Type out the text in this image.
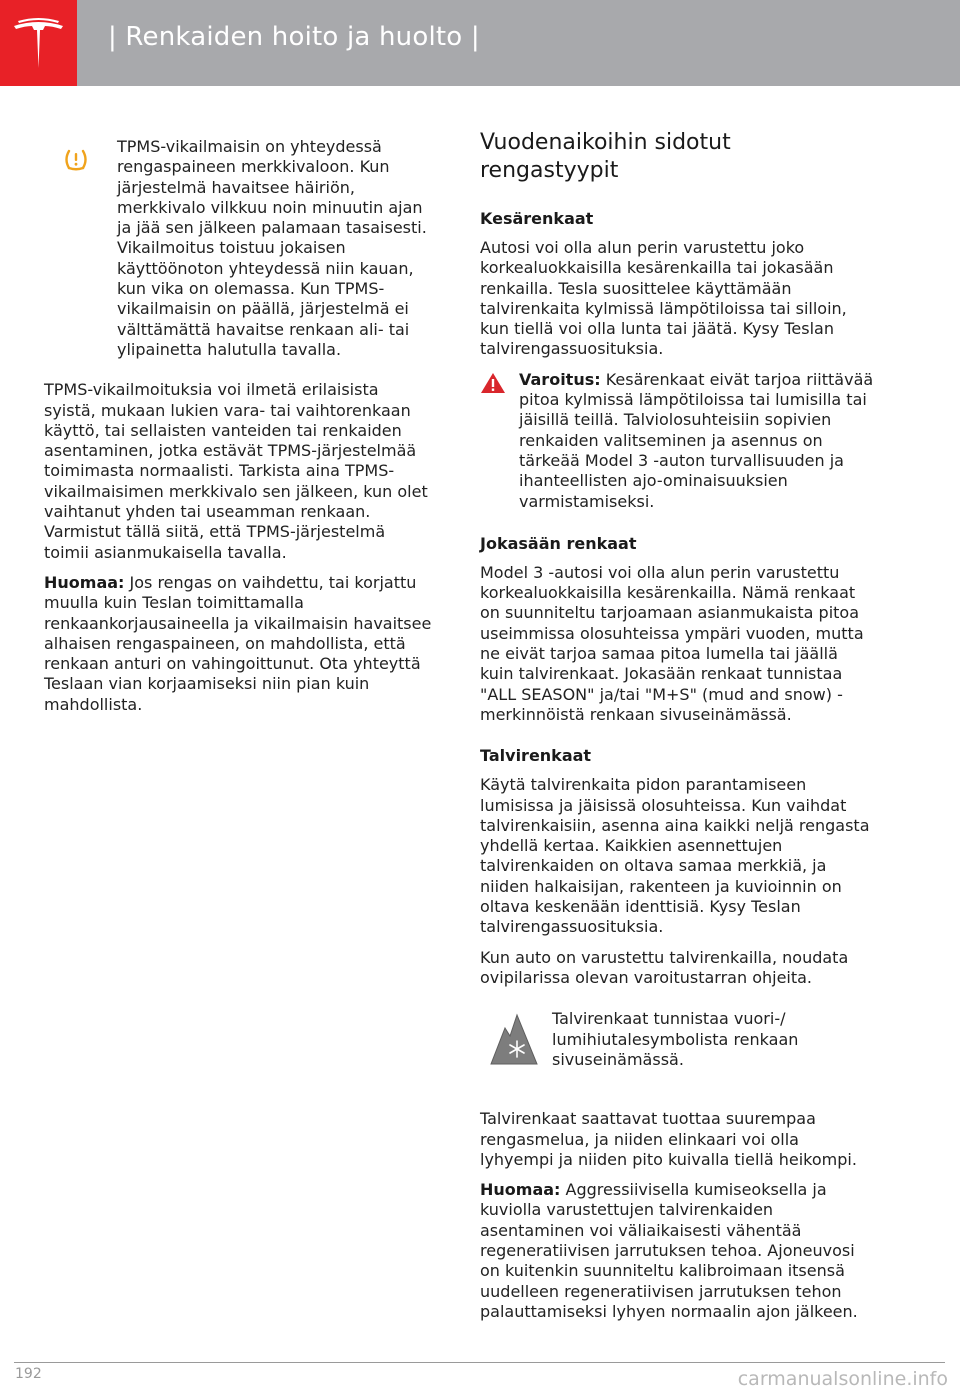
| Renkaiden hoito ja huolto |

TPMS-vikailmaisin on yhteydessä rengaspaineen merkkivaloon. Kun järjestelmä havaitsee häiriön, merkkivalo vilkkuu noin minuutin ajan ja jää sen jälkeen palamaan tasaisesti. Vikailmoitus toistuu jokaisen käyttöönoton yhteydessä niin kauan, kun vika on olemassa. Kun TPMS-vikailmaisin on päällä, järjestelmä ei välttämättä havaitse renkaan ali- tai ylipainetta halutulla tavalla.

TPMS-vikailmoituksia voi ilmetä erilaisista syistä, mukaan lukien vara- tai vaihtorenkaan käyttö, tai sellaisten vanteiden tai renkaiden asentaminen, jotka estävät TPMS-järjestelmää toimimasta normaalisti. Tarkista aina TPMS-vikailmaisimen merkkivalo sen jälkeen, kun olet vaihtanut yhden tai useamman renkaan. Varmistut tällä siitä, että TPMS-järjestelmä toimii asianmukaisella tavalla.

Huomaa: Jos rengas on vaihdettu, tai korjattu muulla kuin Teslan toimittamalla renkaankorjausaineella ja vikailmaisin havaitsee alhaisen rengaspaineen, on mahdollista, että renkaan anturi on vahingoittunut. Ota yhteyttä Teslaan vian korjaamiseksi niin pian kuin mahdollista.

Vuodenaikoihin sidotut rengastyypit
Kesärenkaat

Autosi voi olla alun perin varustettu joko korkealuokkaisilla kesärenkailla tai jokasään renkailla. Tesla suosittelee käyttämään talvirenkaita kylmissä lämpötiloissa tai silloin, kun tiellä voi olla lunta tai jäätä. Kysy Teslan talvirengassuosituksia.

Varoitus: Kesärenkaat eivät tarjoa riittävää pitoa kylmissä lämpötiloissa tai lumisilla tai jäisillä teillä. Talviolosuhteisiin sopivien renkaiden valitseminen ja asennus on tärkeää Model 3 -auton turvallisuuden ja ihanteellisten ajo-ominaisuuksien varmistamiseksi.

Jokasään renkaat

Model 3 -autosi voi olla alun perin varustettu korkealuokkaisilla kesärenkailla. Nämä renkaat on suunniteltu tarjoamaan asianmukaista pitoa useimmissa olosuhteissa ympäri vuoden, mutta ne eivät tarjoa samaa pitoa lumella tai jäällä kuin talvirenkaat. Jokasään renkaat tunnistaa "ALL SEASON" ja/tai "M+S" (mud and snow) -merkinnöistä renkaan sivuseinämässä.

Talvirenkaat

Käytä talvirenkaita pidon parantamiseen lumisissa ja jäisissä olosuhteissa. Kun vaihdat talvirenkaisiin, asenna aina kaikki neljä rengasta yhdellä kertaa. Kaikkien asennettujen talvirenkaiden on oltava samaa merkkiä, ja niiden halkaisijan, rakenteen ja kuvioinnin on oltava keskenään identtisiä. Kysy Teslan talvirengassuosituksia.

Kun auto on varustettu talvirenkailla, noudata ovipilarissa olevan varoitustarran ohjeita.

Talvirenkaat tunnistaa vuori-/ lumihiutalesymbolista renkaan sivuseinämässä.

Talvirenkaat saattavat tuottaa suurempaa rengasmelua, ja niiden elinkaari voi olla lyhyempi ja niiden pito kuivalla tiellä heikompi.

Huomaa: Aggressiivisella kumiseoksella ja kuviolla varustettujen talvirenkaiden asentaminen voi väliaikaisesti vähentää regeneratiivisen jarrutuksen tehoa. Ajoneuvosi on kuitenkin suunniteltu kalibroimaan itsensä uudelleen regeneratiivisen jarrutuksen tehon palauttamiseksi lyhyen normaalin ajon jälkeen.

192	carmanualsonline.info
